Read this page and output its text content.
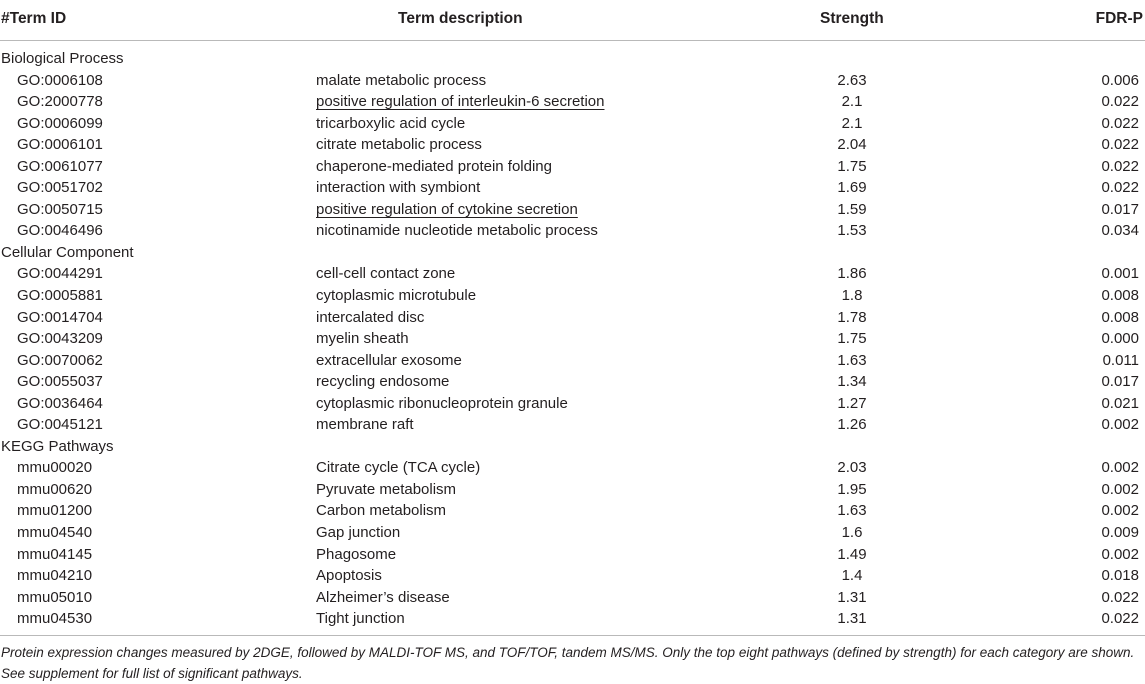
#Term ID	Term description	Strength	FDR-P
Biological Process
GO:0006108	malate metabolic process	2.63	0.006
GO:2000778	positive regulation of interleukin-6 secretion	2.1	0.022
GO:0006099	tricarboxylic acid cycle	2.1	0.022
GO:0006101	citrate metabolic process	2.04	0.022
GO:0061077	chaperone-mediated protein folding	1.75	0.022
GO:0051702	interaction with symbiont	1.69	0.022
GO:0050715	positive regulation of cytokine secretion	1.59	0.017
GO:0046496	nicotinamide nucleotide metabolic process	1.53	0.034
Cellular Component
GO:0044291	cell-cell contact zone	1.86	0.001
GO:0005881	cytoplasmic microtubule	1.8	0.008
GO:0014704	intercalated disc	1.78	0.008
GO:0043209	myelin sheath	1.75	0.000
GO:0070062	extracellular exosome	1.63	0.011
GO:0055037	recycling endosome	1.34	0.017
GO:0036464	cytoplasmic ribonucleoprotein granule	1.27	0.021
GO:0045121	membrane raft	1.26	0.002
KEGG Pathways
mmu00020	Citrate cycle (TCA cycle)	2.03	0.002
mmu00620	Pyruvate metabolism	1.95	0.002
mmu01200	Carbon metabolism	1.63	0.002
mmu04540	Gap junction	1.6	0.009
mmu04145	Phagosome	1.49	0.002
mmu04210	Apoptosis	1.4	0.018
mmu05010	Alzheimer’s disease	1.31	0.022
mmu04530	Tight junction	1.31	0.022

Protein expression changes measured by 2DGE, followed by MALDI-TOF MS, and TOF/TOF, tandem MS/MS. Only the top eight pathways (defined by strength) for each category are shown. See supplement for full list of significant pathways.
